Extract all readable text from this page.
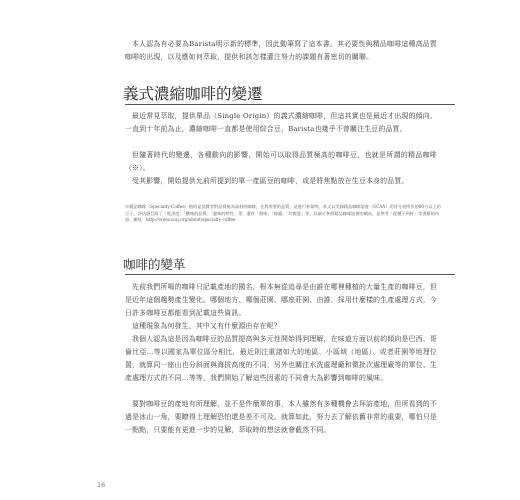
本人認為有必要為Barista明示新的標準，因此動筆寫了這本書。其必要性與精品咖啡這種高品質咖啡的出現，以及應如何萃取、提供和該怎樣灌注努力的課題有著密切的關聯。

義式濃縮咖啡的變遷

最近常見萃取，提供單品（Single Origin）的義式濃縮咖啡，但這其實也是最近才出現的傾向。一直到十年前為止，濃縮咖啡一直都是使用綜合豆，Barista也幾乎不曾關注生豆的品質。

但隨著時代的變遷，各種動向的影響，開始可以取得品質極高的咖啡豆，也就是所謂的精品咖啡（※）。

受其影響，開始提供允前所提到的單一產區豆的咖啡，或是將焦點放在生豆本身的品質。

※精品咖啡（Specialty Coffee）指的是消費者對品質極為高材的咖啡，在我所要的品質，是進行杯測等，本文以美國精品咖啡協會（SCAA）的評分表所作的80分以上的豆子，評估項目除了「乾淨度」「酸味的品質」「風味的特性」等，還有「甜味」「餘韻」「均衡度」等。詳細可參照精品咖啡協會的網站，並參考「從種子到杯」等書籍的內容。網址：http://www.scaj.org/about/specialty-coffee

咖啡的變革

先前我們所喝的咖啡只記載產地的國名，根本無從追尋是由誰在哪裡種植的大量生產的咖啡豆，但是近年這個趨勢產生變化。哪個地方、哪個莊園、哪座莊園、由誰、採用什麼樣的生產處理方式，今日許多咖啡豆都能看到記載這些資訊。

這種現象為何發生，其中又有什麼源由存在呢？

我個人認為這是因為咖啡豆的品質提高與多元性開始得到理解，在味道方面以前的傾向是巴西、哥倫比亞…等以國家為單位區分相比，最近則注重諸如大的地區、小區域（地區）、或者莊園等地理位置，就算同一座山也分斜面與海拔高度的不同，另外也關注水洗處理廠和微批次處理廠等的單位、生產處理方式的不同…等等，我們開始了解這些因素的不同會大為影響到咖啡的風味。

要對咖啡豆的產地有所理解，並不是件簡單的事，本人雖然有多種機會去拜訪產地，但所看到的不過是冰山一角，要瞭得上理解恐怕還是差不可及。就算如此，努力去了解依舊非常的重要，哪怕只是一點點，只要能有更進一步的見解，萃取時的想法就會截然不同。

16
